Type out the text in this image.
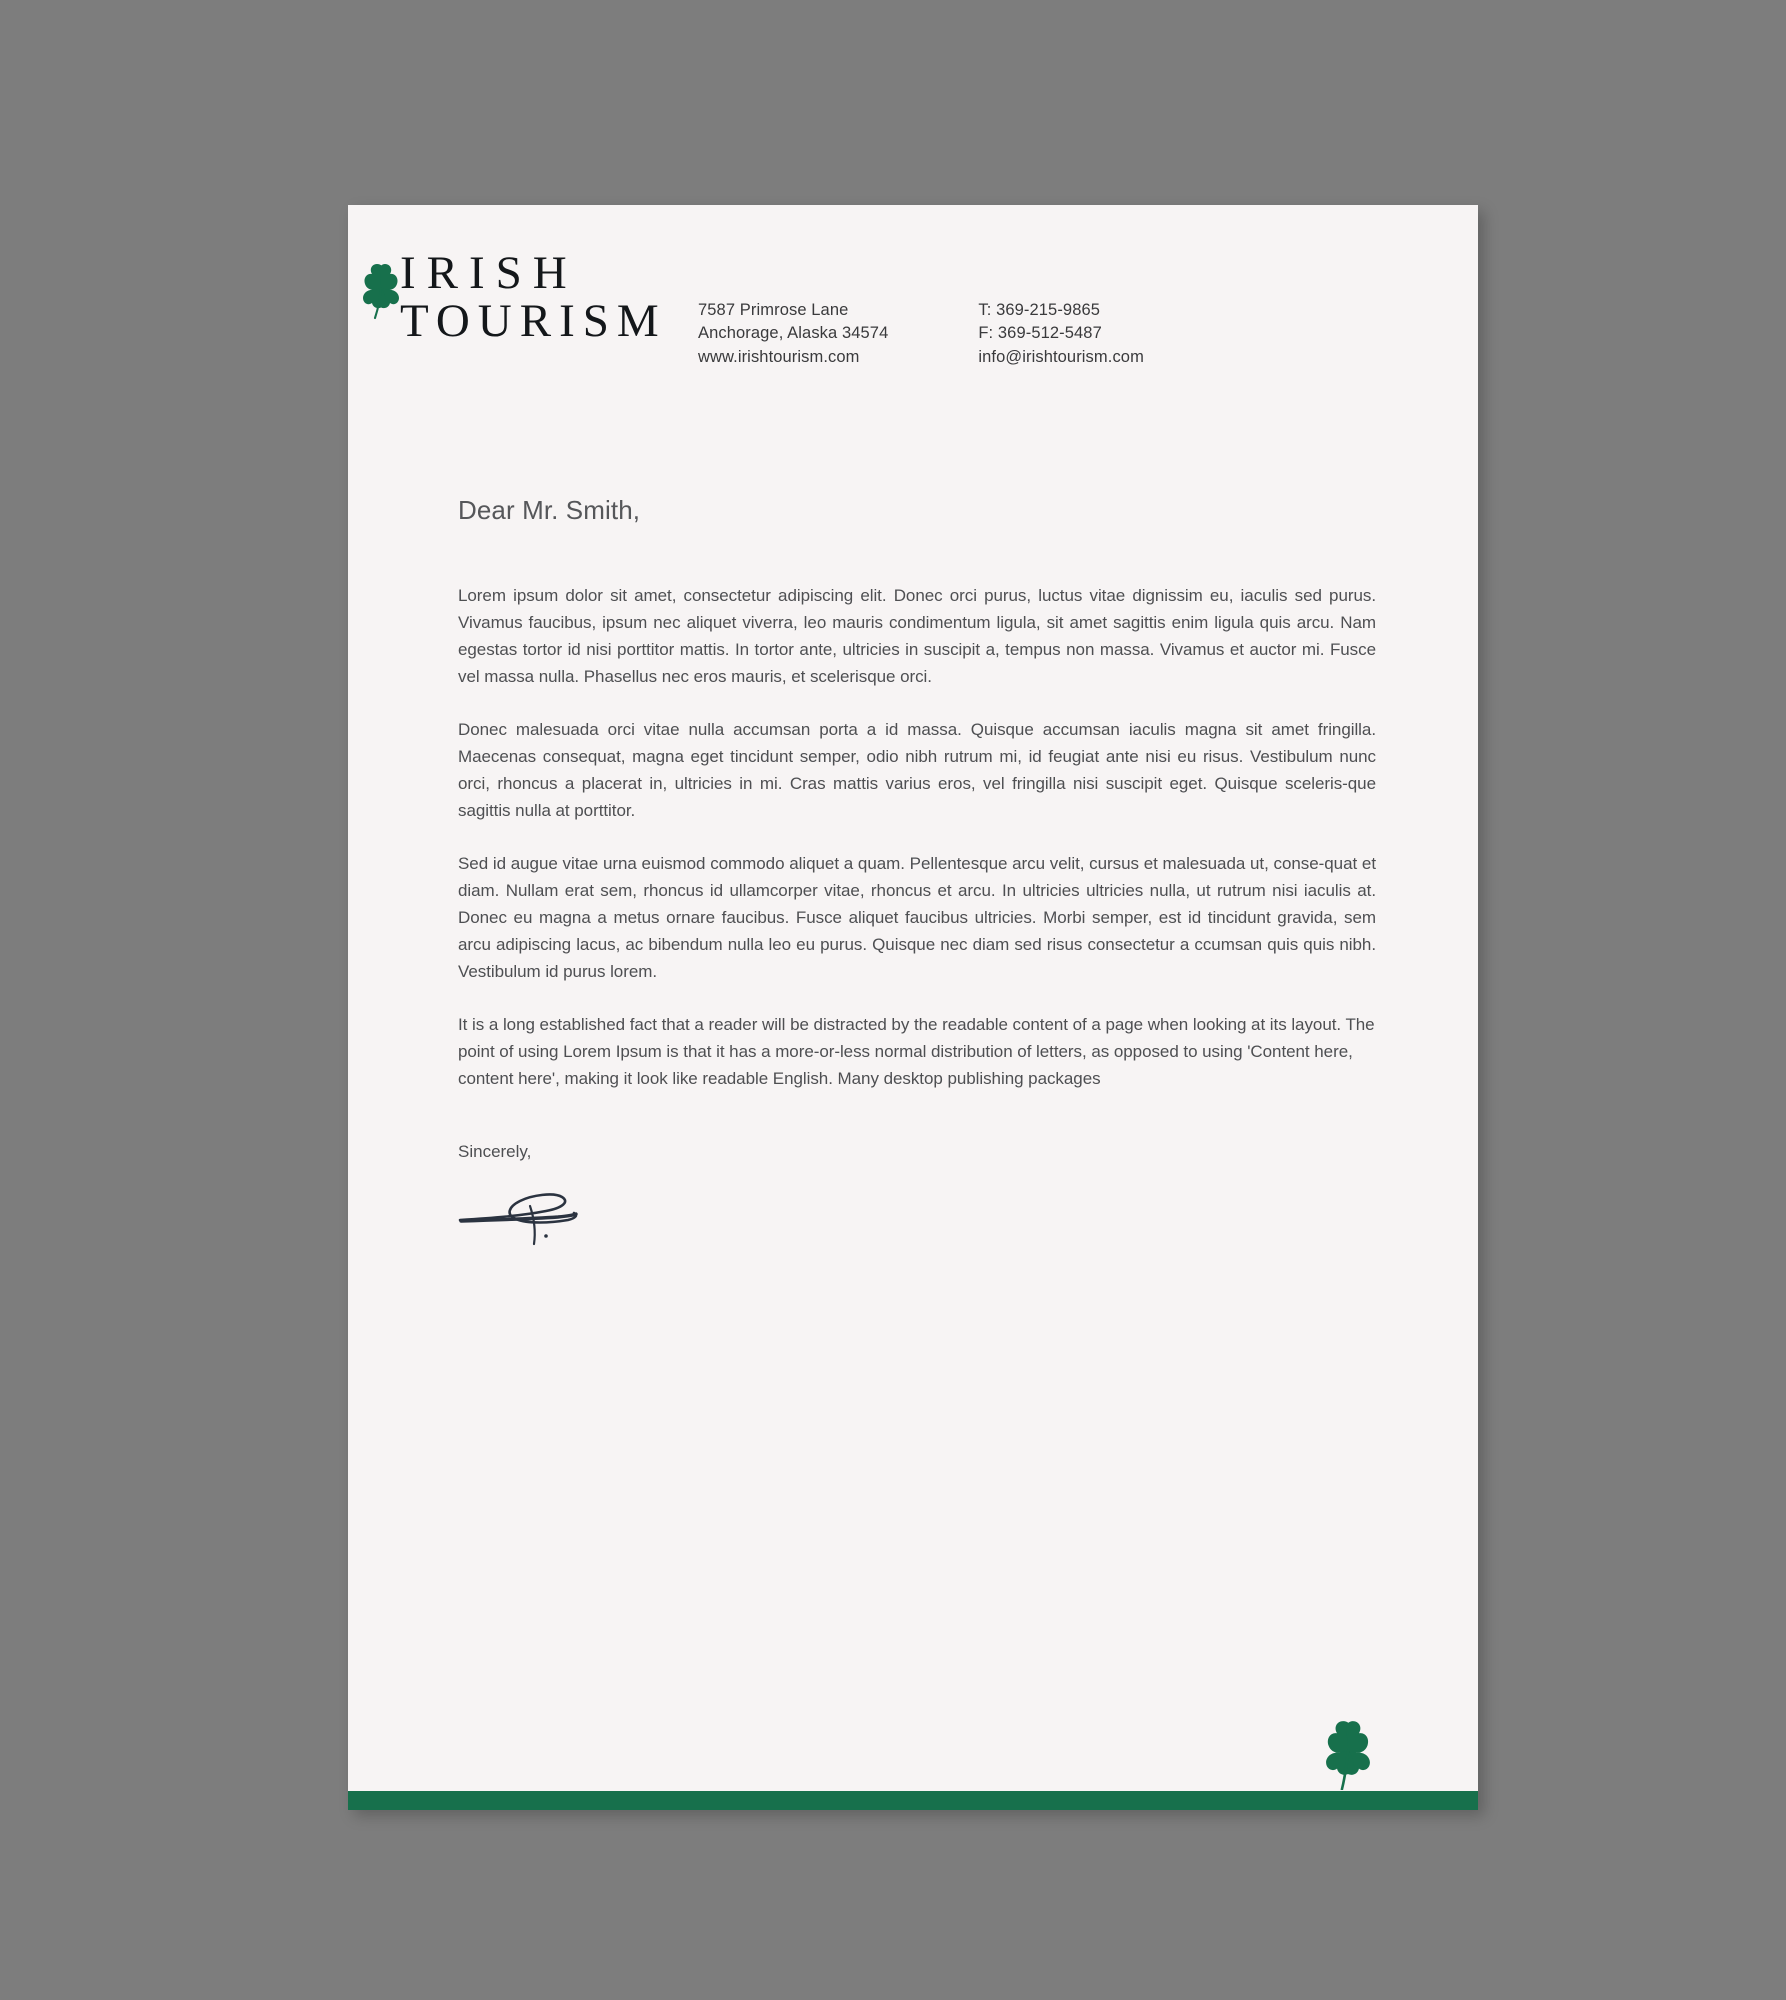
IRISH
TOURISM 7587 Primrose Lane
Anchorage, Alaska 34574
www.irishtourism.com
T: 369-215-9865
F: 369-512-5487
info@irishtourism.com

Dear Mr. Smith,

Lorem ipsum dolor sit amet, consectetur adipiscing elit. Donec orci purus, luctus vitae dignissim eu, iaculis sed purus. Vivamus faucibus, ipsum nec aliquet viverra, leo mauris condimentum ligula, sit amet sagittis enim ligula quis arcu. Nam egestas tortor id nisi porttitor mattis. In tortor ante, ultricies in suscipit a, tempus non massa. Vivamus et auctor mi. Fusce vel massa nulla. Phasellus nec eros mauris, et scelerisque orci.

Donec malesuada orci vitae nulla accumsan porta a id massa. Quisque accumsan iaculis magna sit amet fringilla. Maecenas consequat, magna eget tincidunt semper, odio nibh rutrum mi, id feugiat ante nisi eu risus. Vestibulum nunc orci, rhoncus a placerat in, ultricies in mi. Cras mattis varius eros, vel fringilla nisi suscipit eget. Quisque sceleris-que sagittis nulla at porttitor.

Sed id augue vitae urna euismod commodo aliquet a quam. Pellentesque arcu velit, cursus et malesuada ut, conse-quat et diam. Nullam erat sem, rhoncus id ullamcorper vitae, rhoncus et arcu. In ultricies ultricies nulla, ut rutrum nisi iaculis at. Donec eu magna a metus ornare faucibus. Fusce aliquet faucibus ultricies. Morbi semper, est id tincidunt gravida, sem arcu adipiscing lacus, ac bibendum nulla leo eu purus. Quisque nec diam sed risus consectetur a ccumsan quis quis nibh. Vestibulum id purus lorem.

It is a long established fact that a reader will be distracted by the readable content of a page when looking at its layout. The point of using Lorem Ipsum is that it has a more-or-less normal distribution of letters, as opposed to using 'Content here, content here', making it look like readable English. Many desktop publishing packages

Sincerely,
